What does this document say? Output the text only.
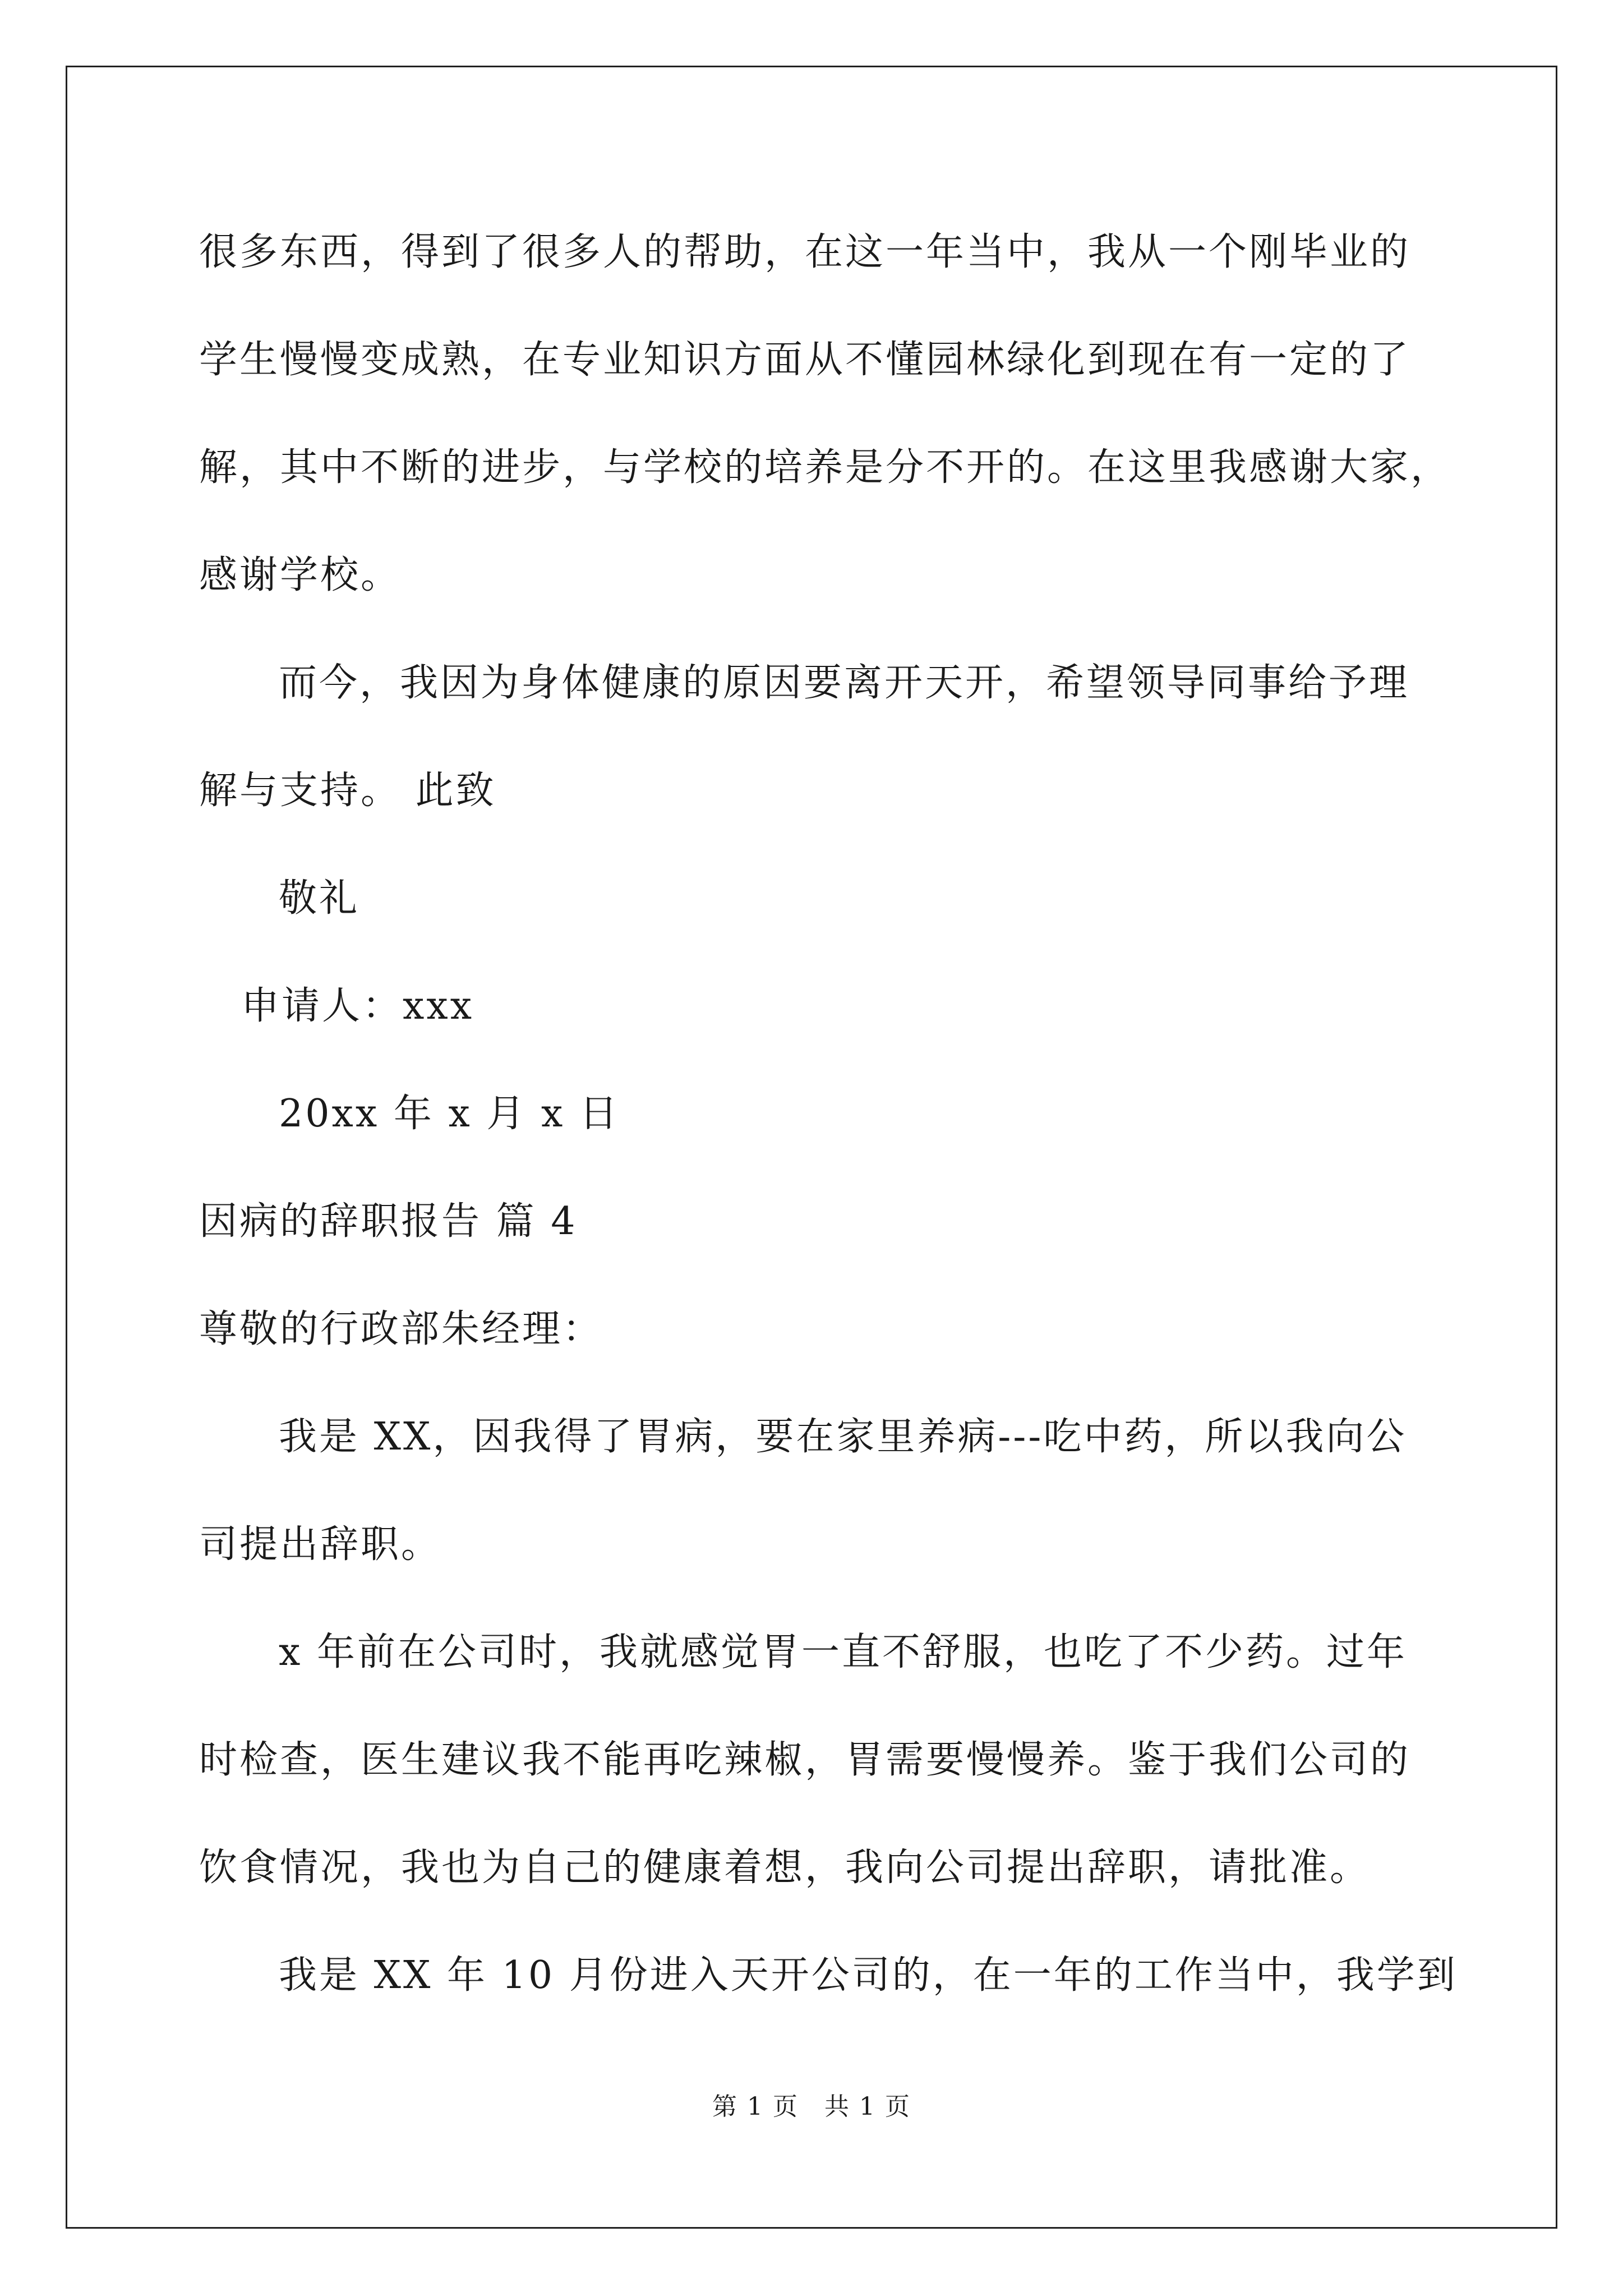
很多东西，得到了很多人的帮助，在这一年当中，我从一个刚毕业的
学生慢慢变成熟，在专业知识方面从不懂园林绿化到现在有一定的了
解，其中不断的进步，与学校的培养是分不开的。在这里我感谢大家，
感谢学校。
而今，我因为身体健康的原因要离开天开，希望领导同事给予理
解与支持。 此致
敬礼
申请人：xxx
20xx 年 x 月 x 日
因病的辞职报告 篇 4
尊敬的行政部朱经理：
我是 XX，因我得了胃病，要在家里养病---吃中药，所以我向公
司提出辞职。
x 年前在公司时，我就感觉胃一直不舒服，也吃了不少药。过年
时检查，医生建议我不能再吃辣椒，胃需要慢慢养。鉴于我们公司的
饮食情况，我也为自己的健康着想，我向公司提出辞职，请批准。
我是 XX 年 10 月份进入天开公司的，在一年的工作当中，我学到
第 1 页　共 1 页
